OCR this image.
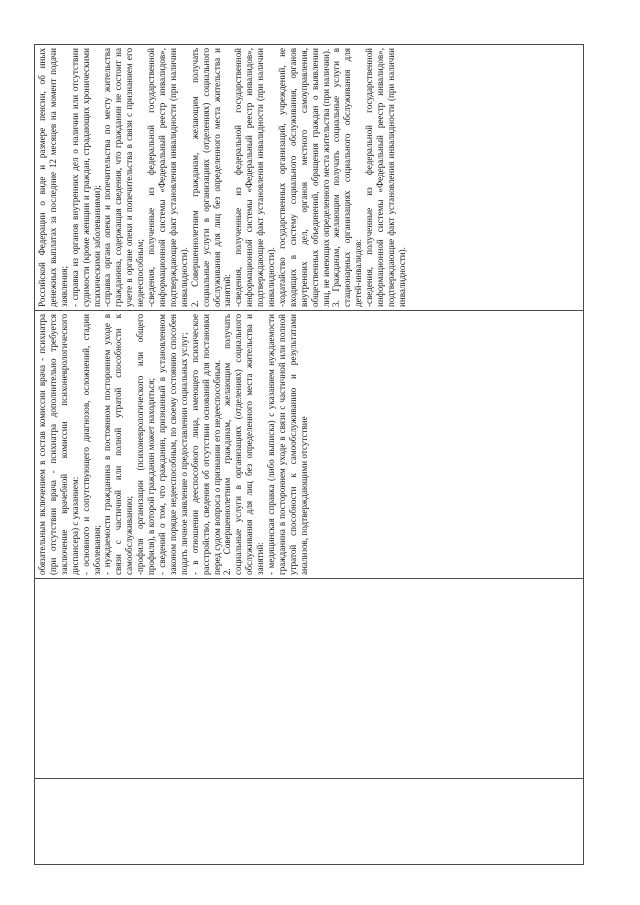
обязательным включением в состав комиссии врача - психиатра (при отсутствии врача - психиатра дополнительно требуется заключение врачебной комиссии психоневрологического диспансера) с указанием: - основного и сопутствующего диагнозов, осложнений, стадии заболевания; - нуждаемости гражданина в постоянном постороннем уходе в связи с частичной или полной утратой способности к самообслуживанию; -профиля организации (психоневрологического или общего профиля), в которой гражданин может находиться; - сведений о том, что гражданин, признанный в установленном законом порядке недееспособным, по своему состоянию способен подать личное заявление о предоставлении социальных услуг; - в отношении дееспособного лица, имеющего психическое расстройство, сведения об отсутствии оснований для постановки перед судом вопроса о признании его недееспособным. 2. Совершеннолетним гражданам, желающим получать социальные услуги в организациях (отделениях) социального обслуживания для лиц без определенного места жительства и занятий: - медицинская справка (либо выписка) с указанием нуждаемости гражданина в постороннем уходе в связи с частичной или полной утратой способности к самообслуживанию и результатами анализов, подтверждающими отсутствие

Российской Федерации о виде и размере пенсии, об иных денежных выплатах за последние 12 месяцев на момент подачи заявления; - справка из органов внутренних дел о наличии или отсутствии судимости (кроме женщин и граждан, страдающих хроническими психическими заболеваниями); -справка органа опеки и попечительства по месту жительства гражданина, содержащая сведения, что гражданин не состоит на учете в органе опеки и попечительства в связи с признанием его недееспособным; -сведения, полученные из федеральной государственной информационной системы «Федеральный реестр инвалидов», подтверждающие факт установления инвалидности (при наличии инвалидности). 2. Совершеннолетним гражданам, желающим получать социальные услуги в организациях (отделениях) социального обслуживания для лиц без определенного места жительства и занятий: -сведения, полученные из федеральной государственной информационной системы «Федеральный реестр инвалидов», подтверждающие факт установления инвалидности (при наличии инвалидности). -ходатайство государственных организаций, учреждений, не входящих в систему социального обслуживания, органов внутренних дел, органов местного самоуправления, общественных объединений, обращения граждан о выявлении лиц, не имеющих определенного места жительства (при наличии). 3. Гражданам, желающим получать социальные услуги в стационарных организациях социального обслуживания для детей-инвалидов: -сведения, полученные из федеральной государственной информационной системы «Федеральный реестр инвалидов», подтверждающие факт установления инвалидности (при наличии инвалидности).
